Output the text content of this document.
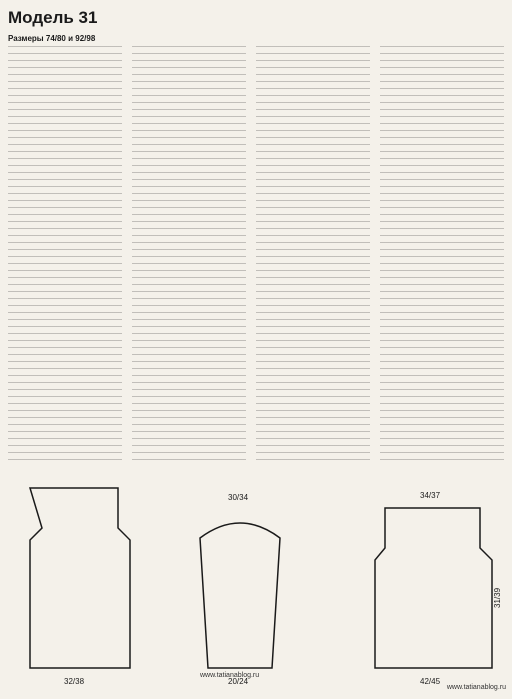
Модель 31
Размеры 74/80 и 92/98
32/38
30/34
20/24
34/37
42/45
31/39
www.tatianablog.ru
www.tatianablog.ru
